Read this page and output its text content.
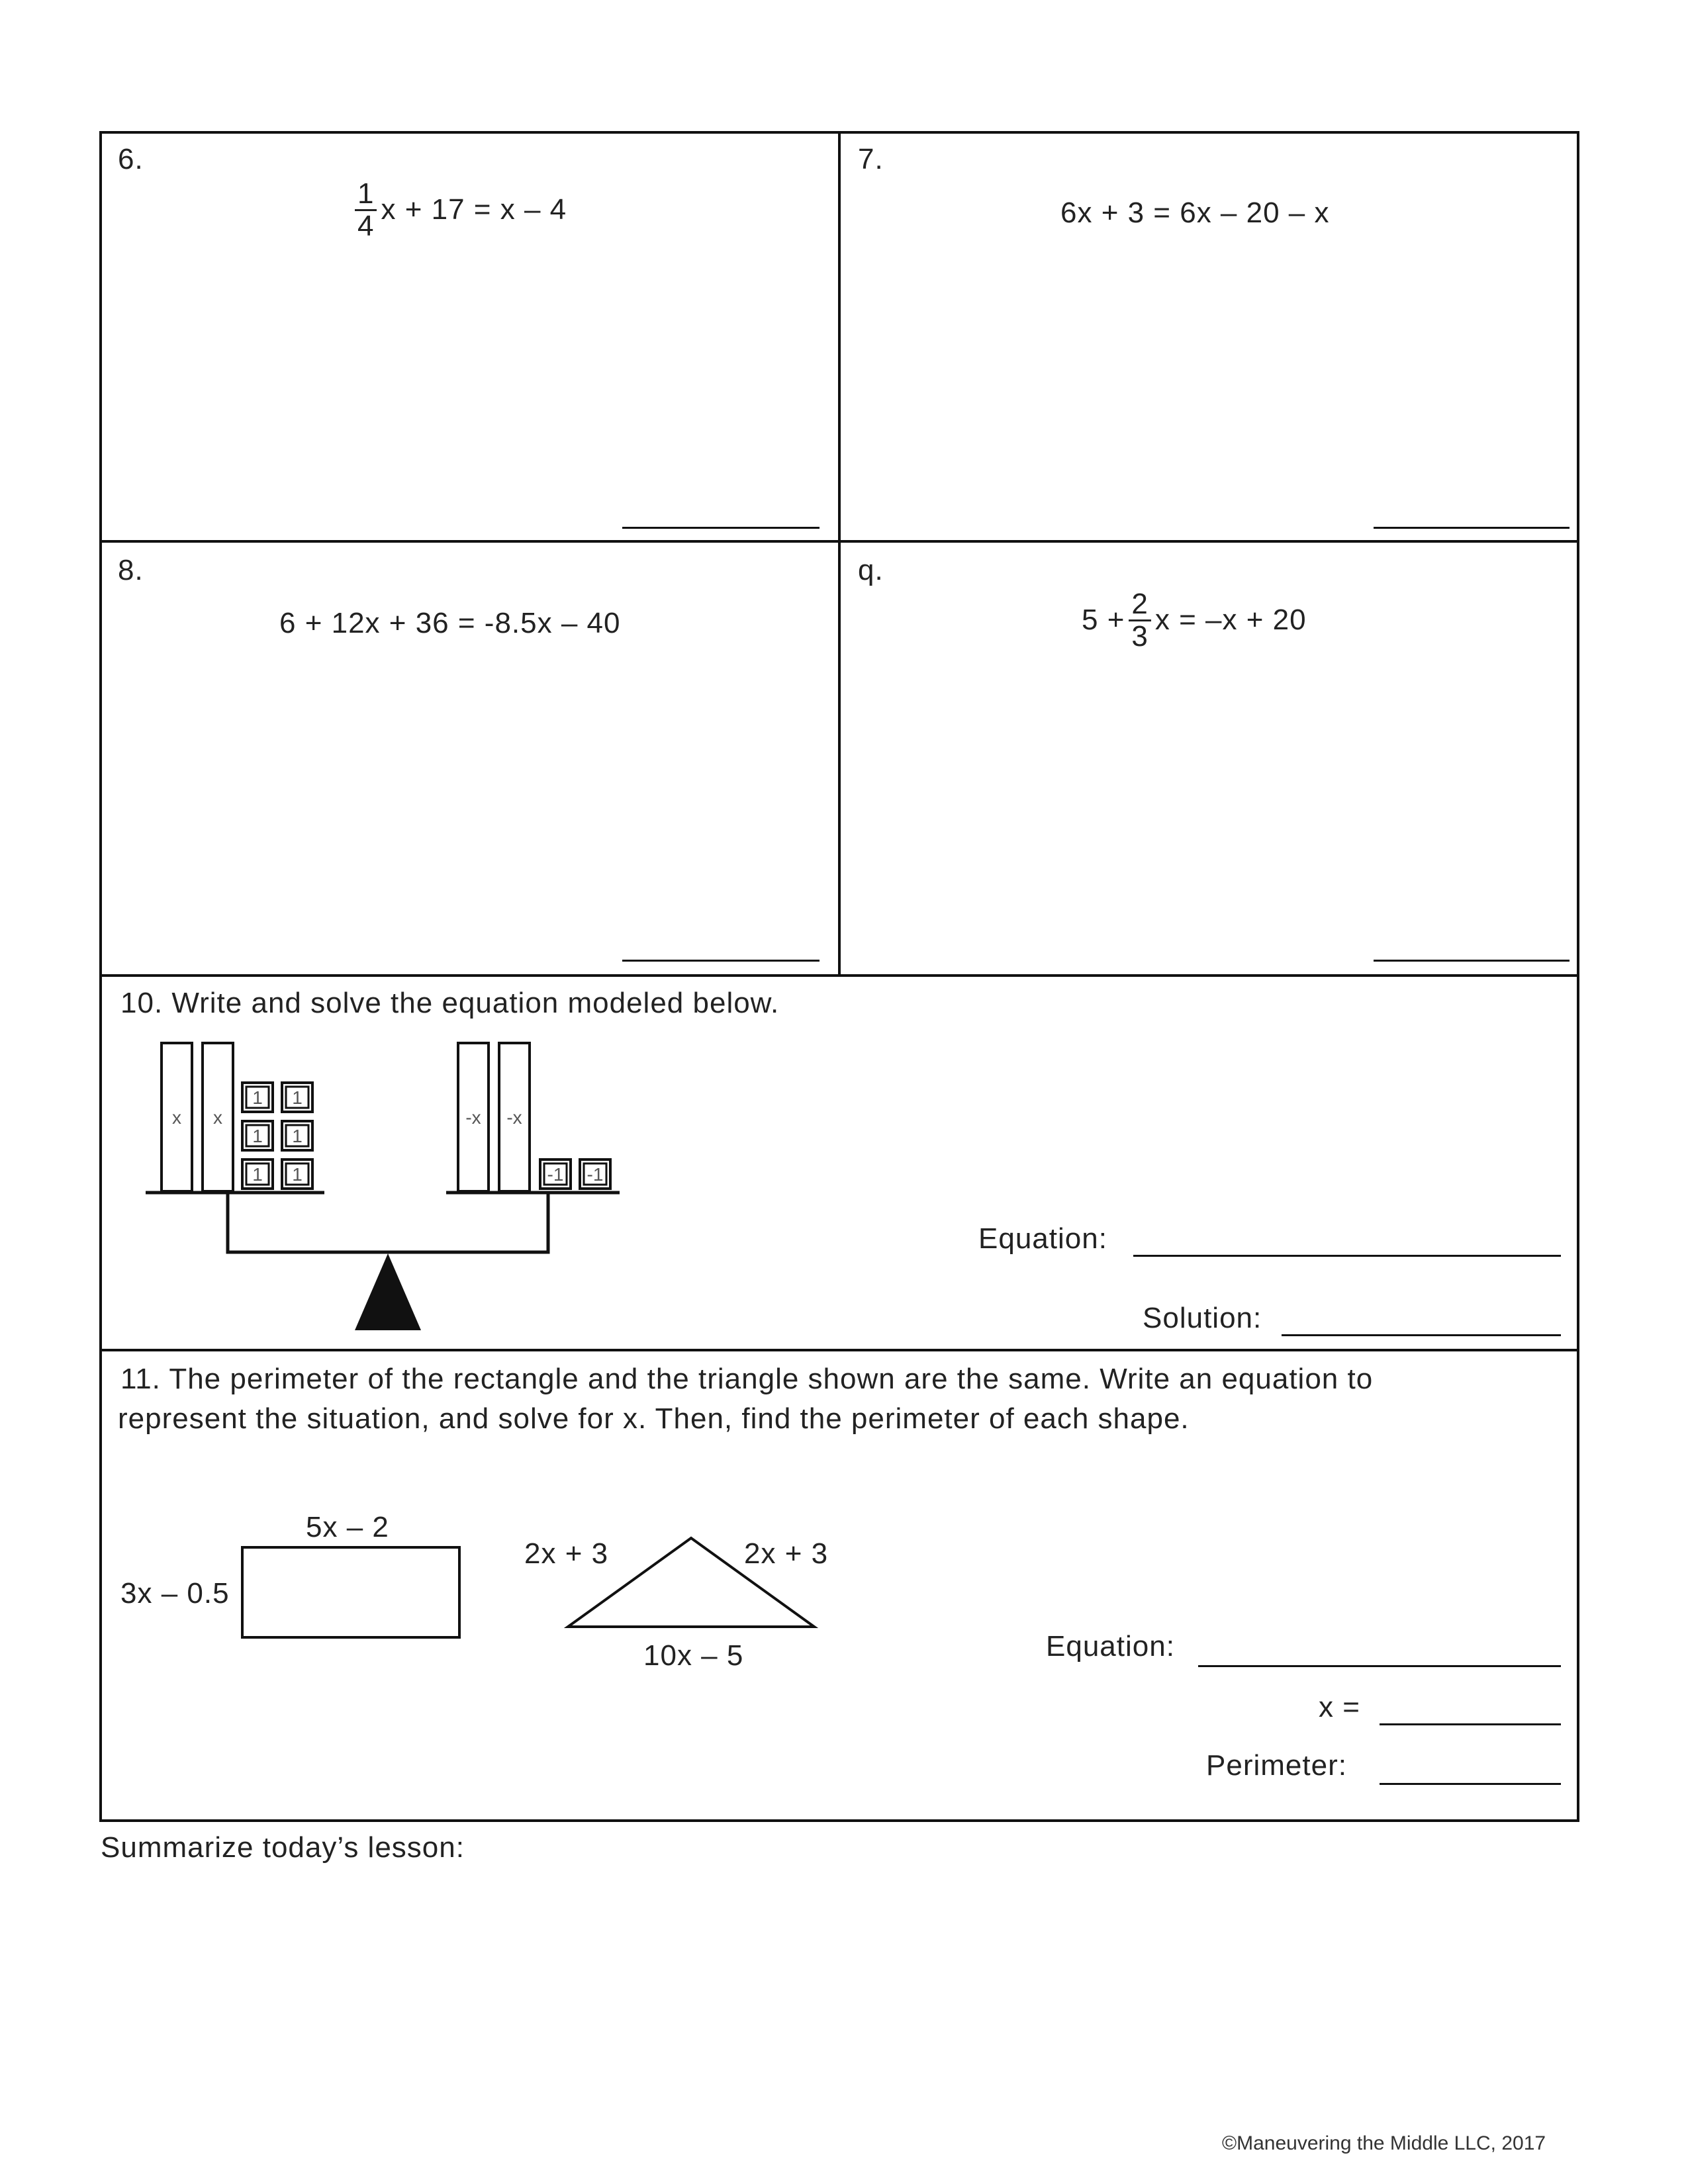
6.
$\frac{1}{4}$ x + 17 = x – 4
7.
6x + 3 = 6x – 20 – x
8.
6 + 12x + 36 = -8.5x – 40
q.
$5 + \frac{2}{3}$ x = –x + 20
10. Write and solve the equation modeled below.
x x
1 1
1 1
1 1
-x -x
-1 -1
Equation:
Solution:
11. The perimeter of the rectangle and the triangle shown are the same. Write an equation to
represent the situation, and solve for x. Then, find the perimeter of each shape.
5x – 2
3x – 0.5
2x + 3	2x + 3
10x – 5	Equation:
x =
Perimeter:
Summarize today’s lesson:
©Maneuvering the Middle LLC, 2017
